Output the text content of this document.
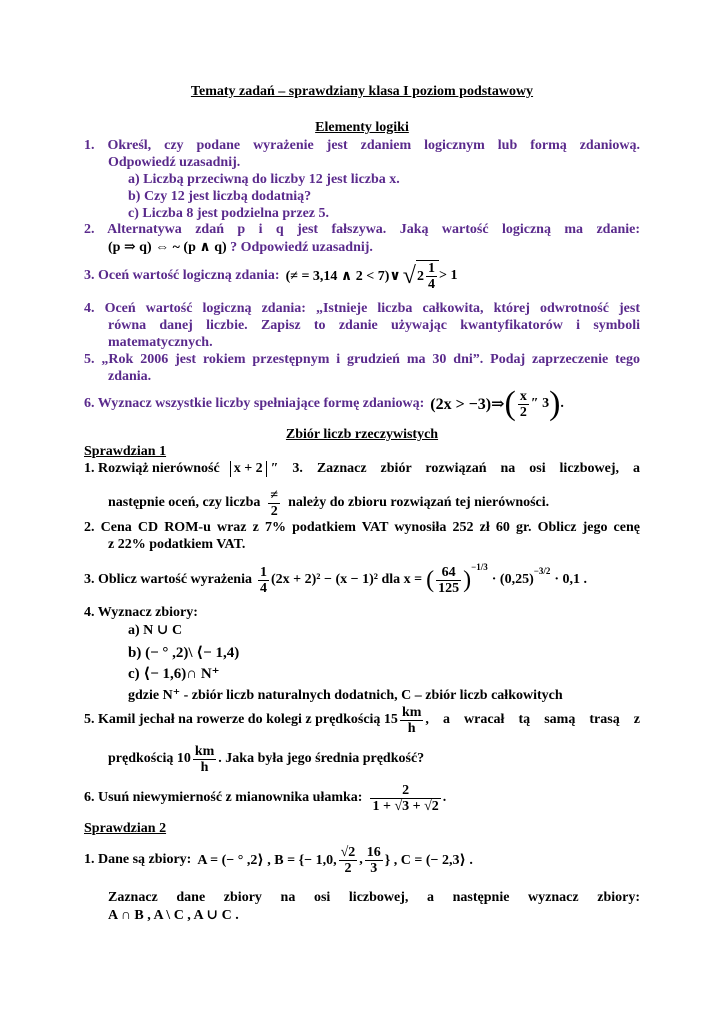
Tematy zadań – sprawdziany klasa I poziom podstawowy
Elementy logiki
1. Określ, czy podane wyrażenie jest zdaniem logicznym lub formą zdaniową.
Odpowiedź uzasadnij.
a) Liczbą przeciwną do liczby 12 jest liczba x.
b) Czy 12 jest liczbą dodatnią?
c) Liczba 8 jest podzielna przez 5.
2. Alternatywa zdań p i q jest fałszywa. Jaką wartość logiczną ma zdanie:
(p ⇒ q) ⇔ ~ (p ∧ q) ? Odpowiedź uzasadnij.
3. Oceń wartość logiczną zdania: (≠ = 3,14 ∧ 2 < 7)∨ √ $2 \frac{1}{4} > 1$
4. Oceń wartość logiczną zdania: „Istnieje liczba całkowita, której odwrotność jest
równa danej liczbie. Zapisz to zdanie używając kwantyfikatorów i symboli
matematycznych.
5. „Rok 2006 jest rokiem przestępnym i grudzień ma 30 dni”. Podaj zaprzeczenie tego
zdania.
6. Wyznacz wszystkie liczby spełniające formę zdaniową: (2x > −3)⇒ ( $\frac{x}{2}$ ″ 3 ) .
Zbiór liczb rzeczywistych
Sprawdzian 1
1. Rozwiąż nierówność x + 2 ″ 3. Zaznacz zbiór rozwiązań na osi liczbowej, a
następnie oceń, czy liczba $\frac{\ne}{2}$ należy do zbioru rozwiązań tej nierówności.
2. Cena CD ROM-u wraz z 7% podatkiem VAT wynosiła 252 zł 60 gr. Oblicz jego cenę
z 22% podatkiem VAT.
3. Oblicz wartość wyrażenia $\frac{1}{4} (2x + 2)^2 - (x - 1)^2$ dla x = ( $\frac{64}{125} )^{-1/3}$
· (0,25)
$^{-3/2}$
· 0,1 .
4. Wyznacz zbiory:
a) N ∪ C
b) (− ° ,2)\ ⟨− 1,4)
c) ⟨− 1,6)∩ N⁺
gdzie N⁺ - zbiór liczb naturalnych dodatnich, C – zbiór liczb całkowitych
5. Kamil jechał na rowerze do kolegi z prędkością $15 \frac{km}{h}$ , a wracał tą samą trasą z
prędkością $10 \frac{km}{h}$ . Jaka była jego średnia prędkość?
6. Usuń niewymierność z mianownika ułamka: $\frac{2}{1 + √3 + √2}$ .
Sprawdzian 2
1. Dane są zbiory: A = (− ° ,2⟩ , B = {− 1,0, $\frac{√2}{2}$ , $\frac{16}{3}$ } , C = (− 2,3⟩ .
Zaznacz dane zbiory na osi liczbowej, a następnie wyznacz zbiory:
A ∩ B , A \ C , A ∪ C .
